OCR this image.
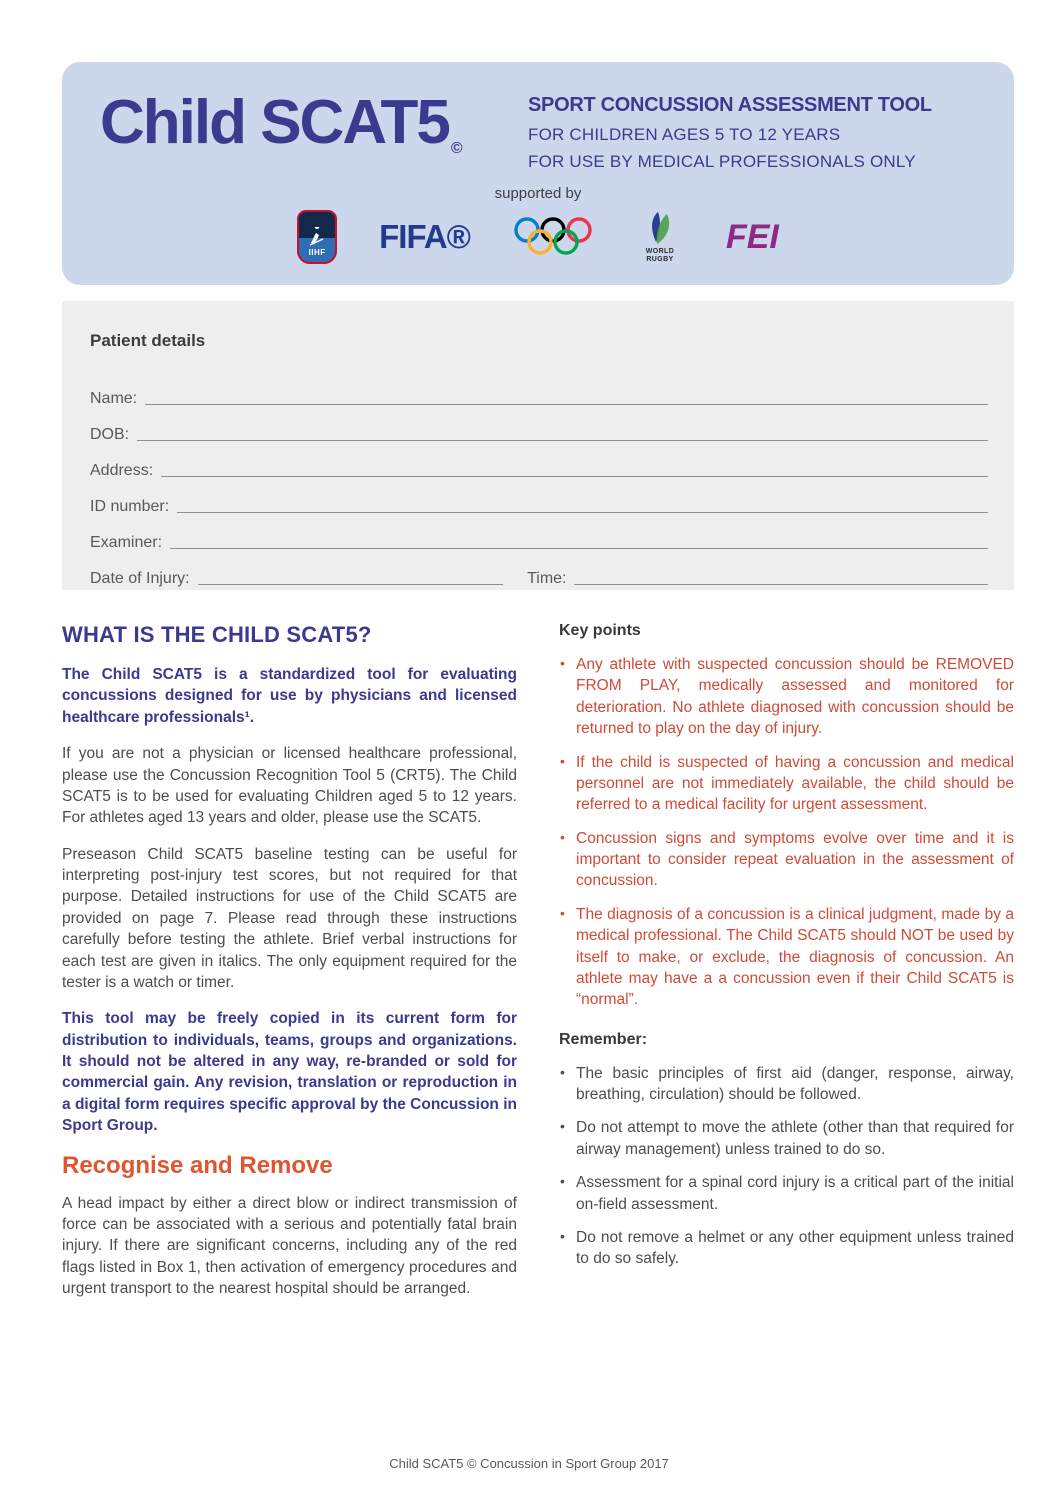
Child SCAT5 ©
SPORT CONCUSSION ASSESSMENT TOOL
FOR CHILDREN AGES 5 TO 12 YEARS
FOR USE BY MEDICAL PROFESSIONALS ONLY
supported by
IIHF FIFA®	WORLD RUGBY
FEI
Patient details
Name:
DOB:
Address:
ID number:
Examiner:
Date of Injury:	Time:
WHAT IS THE CHILD SCAT5?

The Child SCAT5 is a standardized tool for evaluating concussions designed for use by physicians and licensed healthcare professionals¹.

If you are not a physician or licensed healthcare professional, please use the Concussion Recognition Tool 5 (CRT5). The Child SCAT5 is to be used for evaluating Children aged 5 to 12 years. For athletes aged 13 years and older, please use the SCAT5.

Preseason Child SCAT5 baseline testing can be useful for interpreting post-injury test scores, but not required for that purpose. Detailed instructions for use of the Child SCAT5 are provided on page 7. Please read through these instructions carefully before testing the athlete. Brief verbal instructions for each test are given in italics. The only equipment required for the tester is a watch or timer.

This tool may be freely copied in its current form for distribution to individuals, teams, groups and organizations. It should not be altered in any way, re-branded or sold for commercial gain. Any revision, translation or reproduction in a digital form requires specific approval by the Concussion in Sport Group.

Recognise and Remove

A head impact by either a direct blow or indirect transmission of force can be associated with a serious and potentially fatal brain injury. If there are significant concerns, including any of the red flags listed in Box 1, then activation of emergency procedures and urgent transport to the nearest hospital should be arranged.

Key points
• Any athlete with suspected concussion should be REMOVED FROM PLAY, medically assessed and monitored for deterioration. No athlete diagnosed with concussion should be returned to play on the day of injury.
• If the child is suspected of having a concussion and medical personnel are not immediately available, the child should be referred to a medical facility for urgent assessment.
• Concussion signs and symptoms evolve over time and it is important to consider repeat evaluation in the assessment of concussion.
• The diagnosis of a concussion is a clinical judgment, made by a medical professional. The Child SCAT5 should NOT be used by itself to make, or exclude, the diagnosis of concussion. An athlete may have a a concussion even if their Child SCAT5 is “normal”.
Remember:
• The basic principles of first aid (danger, response, airway, breathing, circulation) should be followed.
• Do not attempt to move the athlete (other than that required for airway management) unless trained to do so.
• Assessment for a spinal cord injury is a critical part of the initial on-field assessment.
• Do not remove a helmet or any other equipment unless trained to do so safely.
Child SCAT5 © Concussion in Sport Group 2017
